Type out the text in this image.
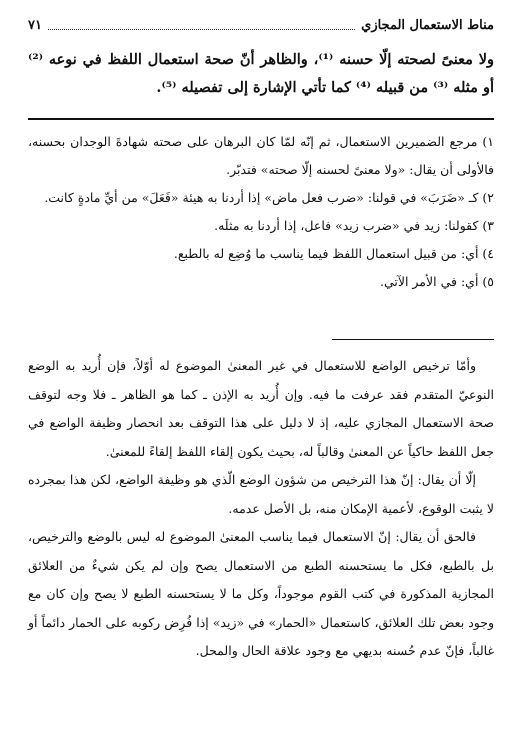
مناط الاستعمال المجازي
٧١
ولا معنىً لصحته إلّا حسنه ⁽¹⁾، والظاهر أنّ صحة استعمال اللفظ في نوعه ⁽²⁾ أو مثله ⁽³⁾ من قبيله ⁽⁴⁾ كما تأتي الإشارة إلى تفصيله ⁽⁵⁾.

١) مرجع الضميرين الاستعمال، ثم إنّه لمّا كان البرهان على صحته شهادةَ الوجدان بحسنه، فالأولى أن يقال: «ولا معنىً لحسنه إلّا صحته» فتدبّر.

٢) كـ «ضَرَبَ» في قولنا: «ضرب فعل ماض» إذا أردنا به هيئة «فَعَلَ» من أيِّ مادةٍ كانت.

٣) كقولنا: زيد في «ضرب زيد» فاعل، إذا أردنا به مثلَه.

٤) أي: من قبيل استعمال اللفظ فيما يناسب ما وُضِع له بالطبع.

٥) أي: في الأمر الآتي.

وأمّا ترخيص الواضع للاستعمال في غير المعنىٰ الموضوع له أوّلاً، فإن أُريد به الوضع النوعيّ المتقدم فقد عرفت ما فيه. وإن أُريد به الإذن ـ كما هو الظاهر ـ فلا وجه لتوقف صحة الاستعمال المجازي عليه، إذ لا دليل على هذا التوقف بعد انحصار وظيفة الواضع في جعل اللفظ حاكياً عن المعنىٰ وقالباً له، بحيث يكون إلقاء اللفظ إلقاءً للمعنىٰ.

إلّا أن يقال: إنّ هذا الترخيص من شؤون الوضع الّذي هو وظيفة الواضع، لكن هذا بمجرده لا يثبت الوقوع، لأعمية الإمكان منه، بل الأصل عدمه.

فالحق أن يقال: إنّ الاستعمال فيما يناسب المعنىٰ الموضوع له ليس بالوضع والترخيص، بل بالطبع، فكل ما يستحسنه الطبع من الاستعمال يصح وإن لم يكن شيءٌ من العلائق المجازية المذكورة في كتب القوم موجوداً، وكل ما لا يستحسنه الطبع لا يصح وإن كان مع وجود بعض تلك العلائق، كاستعمال «الحمار» في «زيد» إذا فُرِض ركوبه على الحمار دائماً أو غالباً، فإنّ عدم حُسنه بديهي مع وجود علاقة الحال والمحل.
